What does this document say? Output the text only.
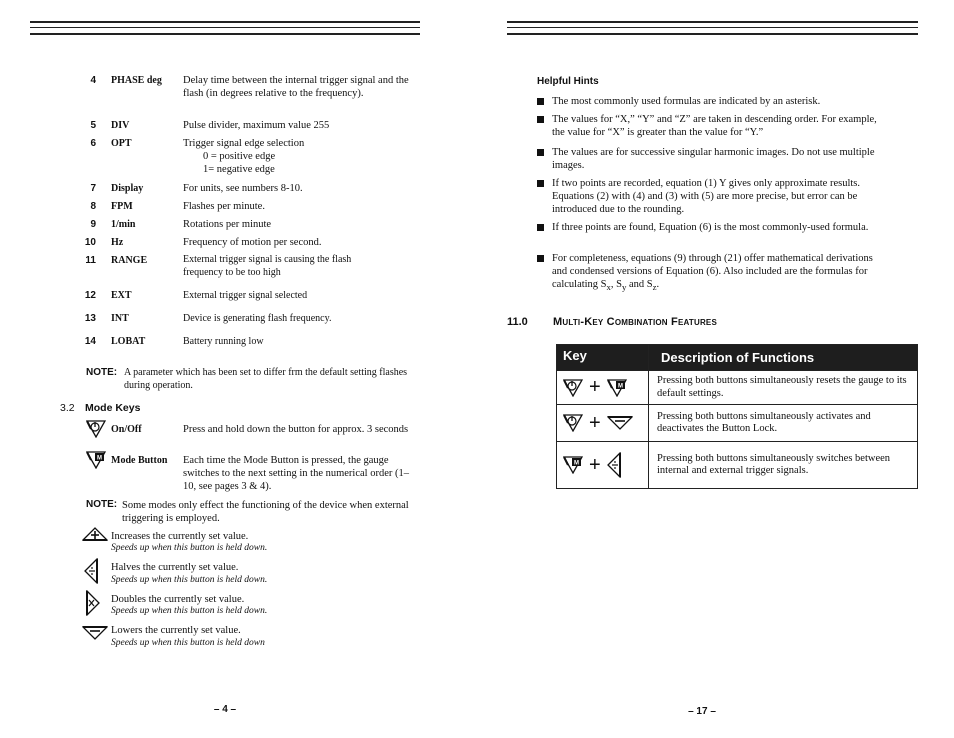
4 PHASE deg Delay time between the internal trigger signal and the flash (in degrees relative to the frequency).
5 DIV	Pulse divider, maximum value 255
6 OPT	Trigger signal edge selection
0 = positive edge
1= negative edge
7 Display	For units, see numbers 8-10.
8 FPM	Flashes per minute.
9 1/min	Rotations per minute
10 Hz	Frequency of motion per second.
11 RANGE	External trigger signal is causing the flash frequency to be too high
12 EXT	External trigger signal selected
13 INT	Device is generating flash frequency.
14 LOBAT	Battery running low
NOTE: A parameter which has been set to differ frm the default setting flashes during operation.
3.2 Mode Keys
On/Off	Press and hold down the button for approx. 3 seconds
M Mode Button Each time the Mode Button is pressed, the gauge switches to the next setting in the numerical order (1–10, see pages 3 & 4).
NOTE: Some modes only effect the functioning of the device when external triggering is employed.
Increases the currently set value.
Speeds up when this button is held down.
Halves the currently set value.
Speeds up when this button is held down.
Doubles the currently set value.
Speeds up when this button is held down.
Lowers the currently set value.
Speeds up when this button is held down
– 4 –
Helpful Hints
The most commonly used formulas are indicated by an asterisk.
The values for “X,” “Y” and “Z” are taken in descending order. For example, the value for “X” is greater than the value for “Y.”
The values are for successive singular harmonic images. Do not use multiple images.
If two points are recorded, equation (1) Y gives only approximate results. Equations (2) with (4) and (3) with (5) are more precise, but error can be introduced due to the rounding.
If three points are found, Equation (6) is the most commonly-used formula.
For completeness, equations (9) through (21) offer mathematical derivations and condensed versions of Equation (6). Also included are the formulas for calculating $S_x$, $S_y$ and $S_z$.
11.0 Multi-Key Combination Features
Key	Description of Functions

+ M	Pressing both buttons simultaneously resets the gauge to its default settings.

+	Pressing both buttons simultaneously activates and deactivates the Button Lock.

M +	Pressing both buttons simultaneously switches between internal and external trigger signals.
– 17 –
